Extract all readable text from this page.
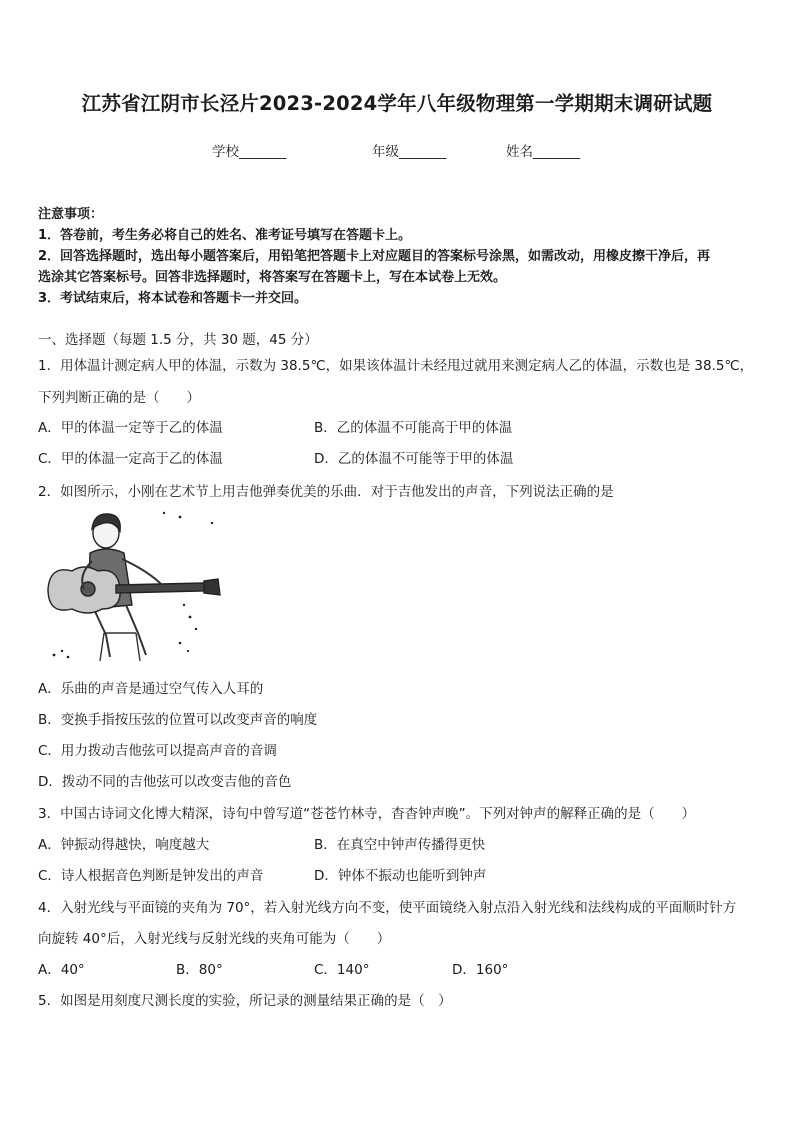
江苏省江阴市长泾片2023-2024学年八年级物理第一学期期末调研试题
学校_______	年级_______	姓名_______
注意事项：
1．答卷前，考生务必将自己的姓名、准考证号填写在答题卡上。
2．回答选择题时，选出每小题答案后，用铅笔把答题卡上对应题目的答案标号涂黑，如需改动，用橡皮擦干净后，再
选涂其它答案标号。回答非选择题时，将答案写在答题卡上，写在本试卷上无效。
3．考试结束后，将本试卷和答题卡一并交回。
一、选择题（每题 1.5 分，共 30 题，45 分）
1．用体温计测定病人甲的体温，示数为 38.5℃，如果该体温计未经甩过就用来测定病人乙的体温，示数也是 38.5℃，
下列判断正确的是（　　）
A．甲的体温一定等于乙的体温	B．乙的体温不可能高于甲的体温
C．甲的体温一定高于乙的体温	D．乙的体温不可能等于甲的体温
2．如图所示，小刚在艺术节上用吉他弹奏优美的乐曲．对于吉他发出的声音，下列说法正确的是
A．乐曲的声音是通过空气传入人耳的
B．变换手指按压弦的位置可以改变声音的响度
C．用力拨动吉他弦可以提高声音的音调
D．拨动不同的吉他弦可以改变吉他的音色
3．中国古诗词文化博大精深，诗句中曾写道“苍苍竹林寺，杳杳钟声晚”。下列对钟声的解释正确的是（　　）
A．钟振动得越快，响度越大	B．在真空中钟声传播得更快
C．诗人根据音色判断是钟发出的声音	D．钟体不振动也能听到钟声
4．入射光线与平面镜的夹角为 70°，若入射光线方向不变，使平面镜绕入射点沿入射光线和法线构成的平面顺时针方
向旋转 40°后，入射光线与反射光线的夹角可能为（　　）
A．40°	B．80°	C．140°	D．160°
5．如图是用刻度尺测长度的实验，所记录的测量结果正确的是（　）
